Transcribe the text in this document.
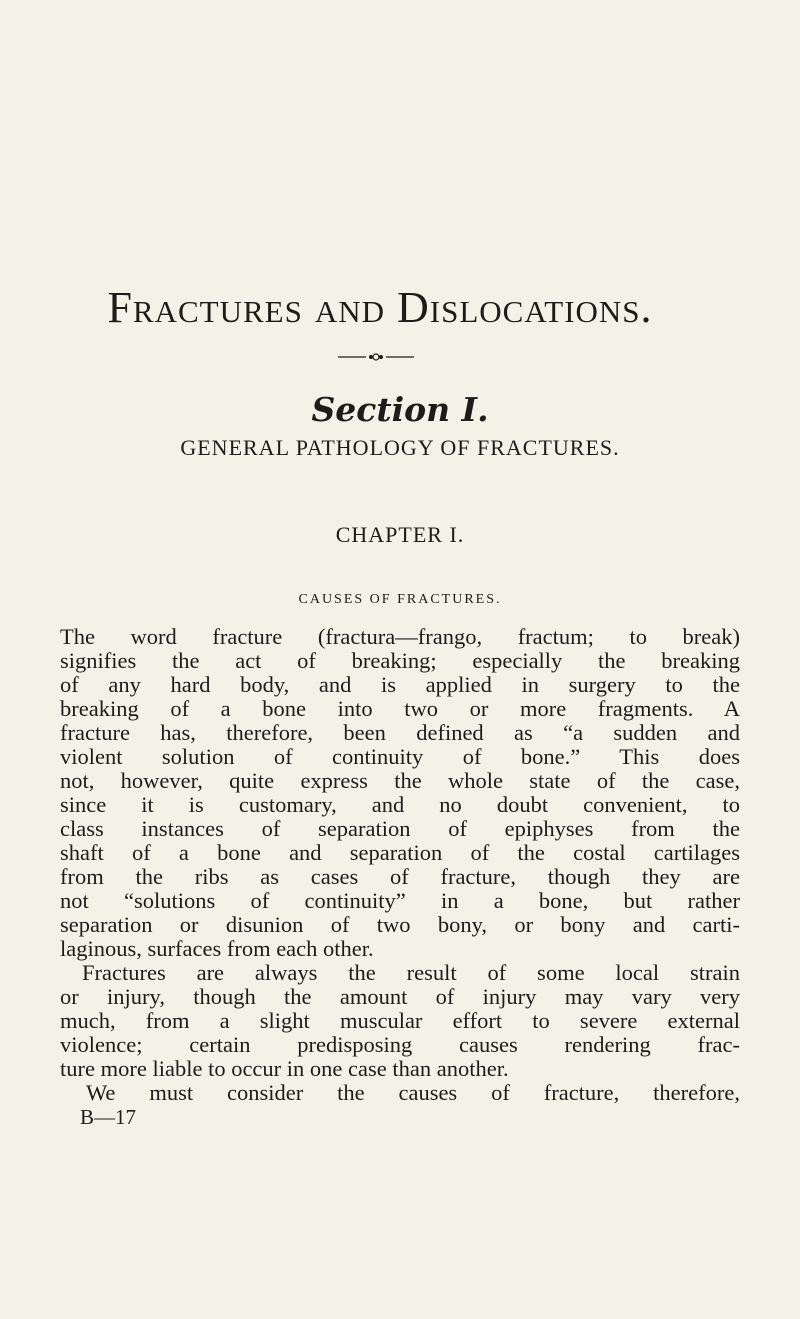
Fractures and Dislocations.
Section I.
GENERAL PATHOLOGY OF FRACTURES.
CHAPTER I.
CAUSES OF FRACTURES.
The word fracture (fractura—frango, fractum; to break)
signifies the act of breaking; especially the breaking
of any hard body, and is applied in surgery to the
breaking of a bone into two or more fragments. A
fracture has, therefore, been defined as “a sudden and
violent solution of continuity of bone.” This does
not, however, quite express the whole state of the case,
since it is customary, and no doubt convenient, to
class instances of separation of epiphyses from the
shaft of a bone and separation of the costal cartilages
from the ribs as cases of fracture, though they are
not “solutions of continuity” in a bone, but rather
separation or disunion of two bony, or bony and carti-
laginous, surfaces from each other.
Fractures are always the result of some local strain
or injury, though the amount of injury may vary very
much, from a slight muscular effort to severe external
violence; certain predisposing causes rendering frac-
ture more liable to occur in one case than another.
We must consider the causes of fracture, therefore,
B—17
